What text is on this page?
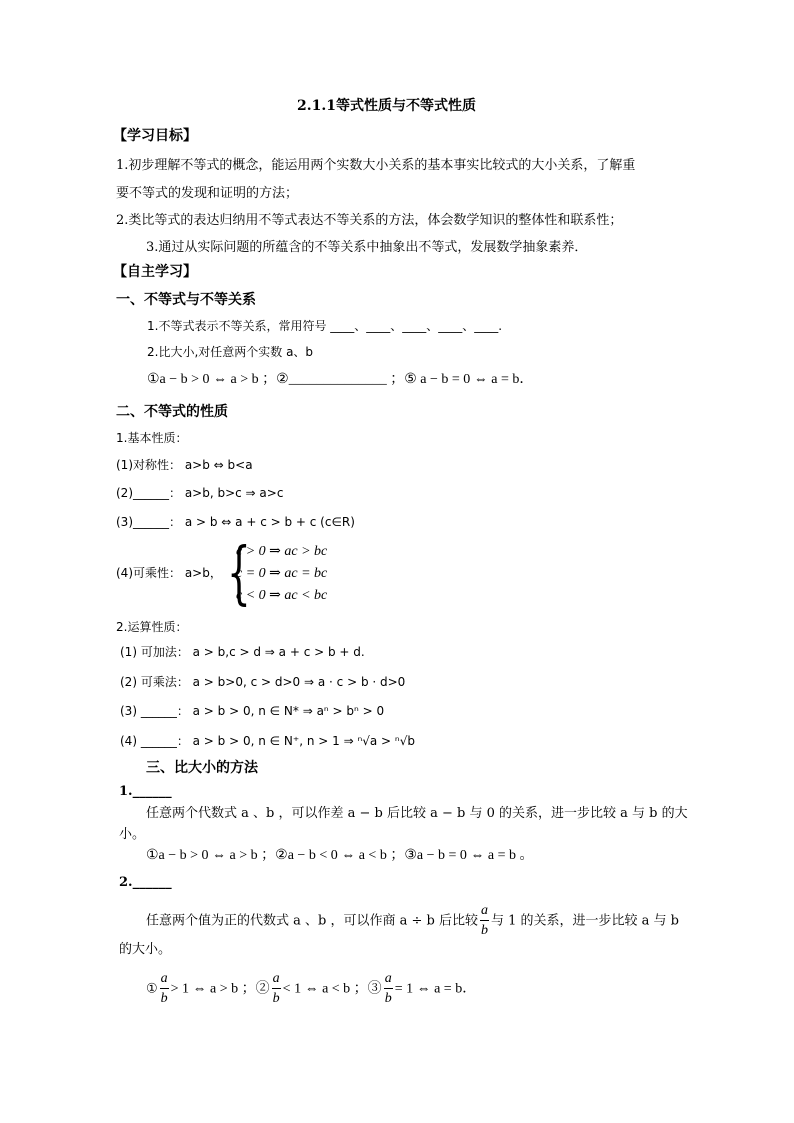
2.1.1等式性质与不等式性质
【学习目标】
1.初步理解不等式的概念，能运用两个实数大小关系的基本事实比较式的大小关系，了解重
要不等式的发现和证明的方法；
2.类比等式的表达归纳用不等式表达不等关系的方法，体会数学知识的整体性和联系性；
3.通过从实际问题的所蕴含的不等关系中抽象出不等式，发展数学抽象素养．
【自主学习】
一、不等式与不等关系
1.不等式表示不等关系，常用符号 ____、____、____、____、____.
2.比大小,对任意两个实数 a、b
①a − b > 0 ⇔ a > b ；②______________ ；⑤ a − b = 0 ⇔ a = b．
二、不等式的性质
1.基本性质：
(1)对称性： a>b ⇔ b<a
(2)______： a>b, b>c ⇒ a>c
(3)______： a > b ⇔ a + c > b + c (c∈R)
(4)可乘性： a>b， {
c > 0 ⇒ ac > bc
c = 0 ⇒ ac = bc
c < 0 ⇒ ac < bc
2.运算性质：
(1) 可加法： a > b,c > d ⇒ a + c > b + d.
(2) 可乘法： a > b>0, c > d>0 ⇒ a · c > b · d>0
(3) ______： a > b > 0, n ∈ N* ⇒ aⁿ > bⁿ > 0
(4) ______： a > b > 0, n ∈ N⁺, n > 1 ⇒ ⁿ√a > ⁿ√b
三、比大小的方法
1.______
任意两个代数式 a 、b ，可以作差 a − b 后比较 a − b 与 0 的关系，进一步比较 a 与 b 的大
小。
①a − b > 0 ⇔ a > b ；②a − b < 0 ⇔ a < b ；③a − b = 0 ⇔ a = b 。
2.______
任意两个值为正的代数式 a 、b ，可以作商 a ÷ b 后比较 $\frac{a}{b}$ 与 1 的关系，进一步比较 a 与 b
的大小。
① $\frac{a}{b} > 1$ ⇔ a > b ；② $\frac{a}{b} < 1$ ⇔ a < b ；③ $\frac{a}{b} = 1$ ⇔ a = b．
